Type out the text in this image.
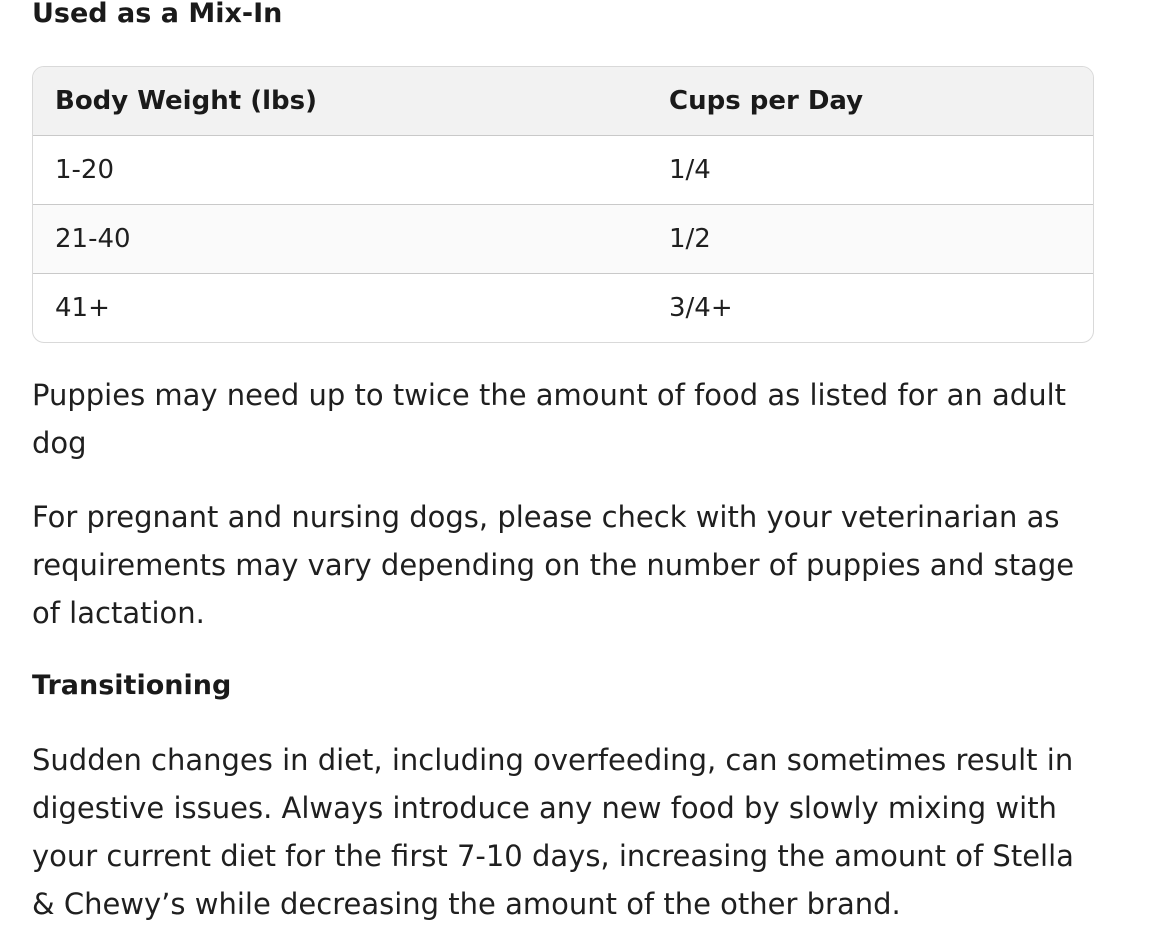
Used as a Mix-In
Body Weight (lbs)	Cups per Day
1-20	1/4
21-40	1/2
41+	3/4+

Puppies may need up to twice the amount of food as listed for an adult dog

For pregnant and nursing dogs, please check with your veterinarian as requirements may vary depending on the number of puppies and stage of lactation.

Transitioning

Sudden changes in diet, including overfeeding, can sometimes result in digestive issues. Always introduce any new food by slowly mixing with your current diet for the first 7-10 days, increasing the amount of Stella & Chewy’s while decreasing the amount of the other brand.
